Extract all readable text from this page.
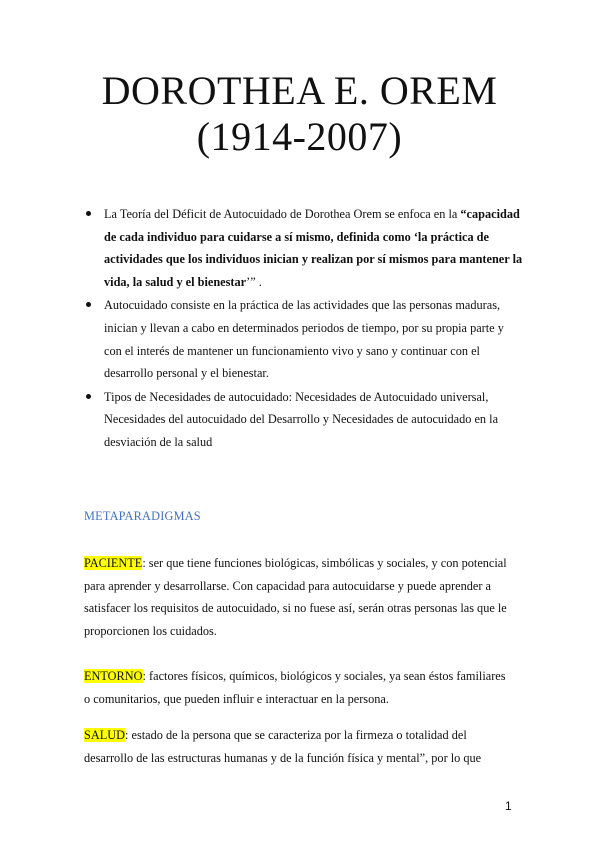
DOROTHEA E. OREM
(1914-2007)
La Teoría del Déficit de Autocuidado de Dorothea Orem se enfoca en la “capacidad de cada individuo para cuidarse a sí mismo, definida como ‘la práctica de actividades que los individuos inician y realizan por sí mismos para mantener la vida, la salud y el bienestar’” .
Autocuidado consiste en la práctica de las actividades que las personas maduras, inician y llevan a cabo en determinados periodos de tiempo, por su propia parte y con el interés de mantener un funcionamiento vivo y sano y continuar con el desarrollo personal y el bienestar.
Tipos de Necesidades de autocuidado: Necesidades de Autocuidado universal, Necesidades del autocuidado del Desarrollo y Necesidades de autocuidado en la desviación de la salud
METAPARADIGMAS

PACIENTE: ser que tiene funciones biológicas, simbólicas y sociales, y con potencial para aprender y desarrollarse. Con capacidad para autocuidarse y puede aprender a satisfacer los requisitos de autocuidado, si no fuese así, serán otras personas las que le proporcionen los cuidados.

ENTORNO: factores físicos, químicos, biológicos y sociales, ya sean éstos familiares o comunitarios, que pueden influir e interactuar en la persona.

SALUD: estado de la persona que se caracteriza por la firmeza o totalidad del desarrollo de las estructuras humanas y de la función física y mental”, por lo que

1
